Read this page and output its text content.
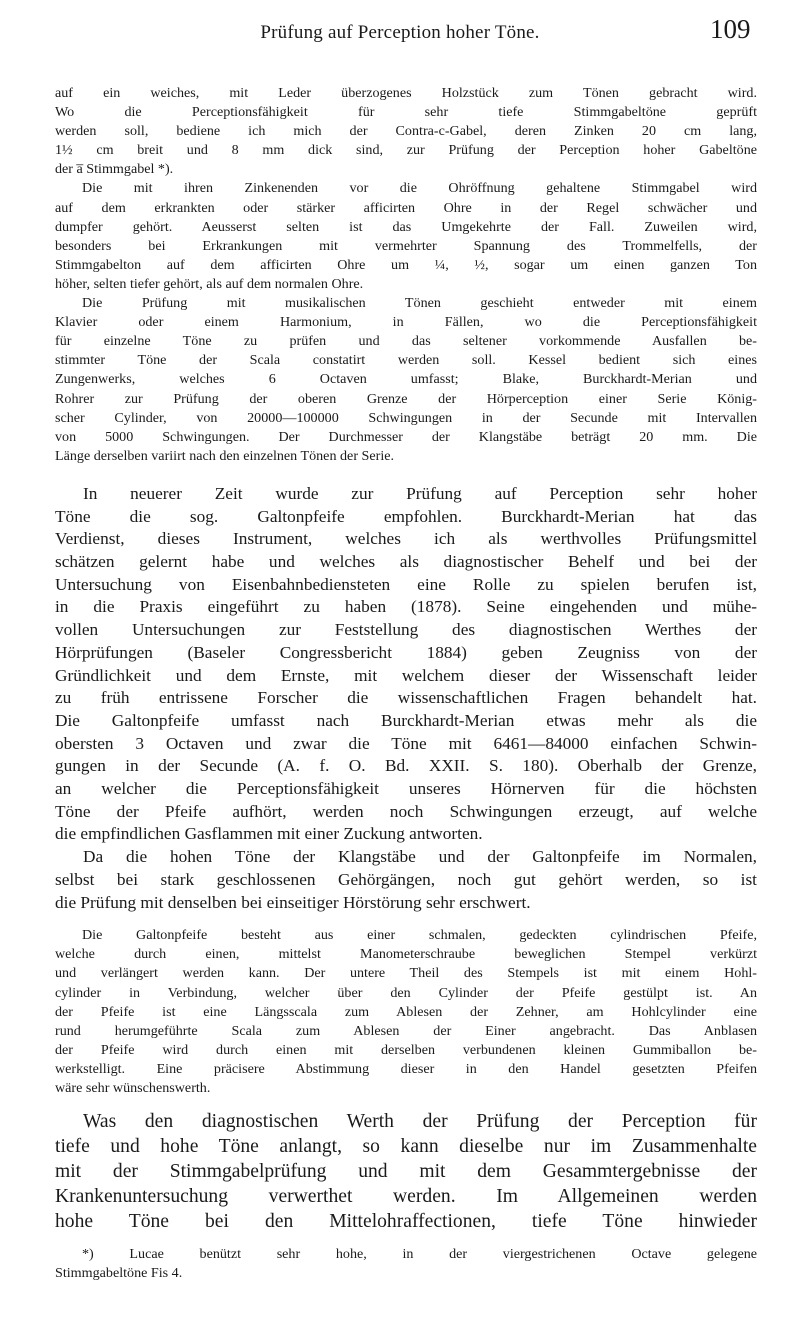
Prüfung auf Perception hoher Töne.	109
auf ein weiches, mit Leder überzogenes Holzstück zum Tönen gebracht wird.
Wo die Perceptionsfähigkeit für sehr tiefe Stimmgabeltöne geprüft
werden soll, bediene ich mich der Contra-c-Gabel, deren Zinken 20 cm lang,
1½ cm breit und 8 mm dick sind, zur Prüfung der Perception hoher Gabeltöne
der a̅ Stimmgabel *).
Die mit ihren Zinkenenden vor die Ohröffnung gehaltene Stimmgabel wird
auf dem erkrankten oder stärker afficirten Ohre in der Regel schwächer und
dumpfer gehört. Aeusserst selten ist das Umgekehrte der Fall. Zuweilen wird,
besonders bei Erkrankungen mit vermehrter Spannung des Trommelfells, der
Stimmgabelton auf dem afficirten Ohre um ¼, ½, sogar um einen ganzen Ton
höher, selten tiefer gehört, als auf dem normalen Ohre.
Die Prüfung mit musikalischen Tönen geschieht entweder mit einem
Klavier oder einem Harmonium, in Fällen, wo die Perceptionsfähigkeit
für einzelne Töne zu prüfen und das seltener vorkommende Ausfallen be-
stimmter Töne der Scala constatirt werden soll. Kessel bedient sich eines
Zungenwerks, welches 6 Octaven umfasst; Blake, Burckhardt-Merian und
Rohrer zur Prüfung der oberen Grenze der Hörperception einer Serie König-
scher Cylinder, von 20000—100000 Schwingungen in der Secunde mit Intervallen
von 5000 Schwingungen. Der Durchmesser der Klangstäbe beträgt 20 mm. Die
Länge derselben variirt nach den einzelnen Tönen der Serie.
In neuerer Zeit wurde zur Prüfung auf Perception sehr hoher
Töne die sog. Galtonpfeife empfohlen. Burckhardt-Merian hat das
Verdienst, dieses Instrument, welches ich als werthvolles Prüfungsmittel
schätzen gelernt habe und welches als diagnostischer Behelf und bei der
Untersuchung von Eisenbahnbediensteten eine Rolle zu spielen berufen ist,
in die Praxis eingeführt zu haben (1878). Seine eingehenden und mühe-
vollen Untersuchungen zur Feststellung des diagnostischen Werthes der
Hörprüfungen (Baseler Congressbericht 1884) geben Zeugniss von der
Gründlichkeit und dem Ernste, mit welchem dieser der Wissenschaft leider
zu früh entrissene Forscher die wissenschaftlichen Fragen behandelt hat.
Die Galtonpfeife umfasst nach Burckhardt-Merian etwas mehr als die
obersten 3 Octaven und zwar die Töne mit 6461—84000 einfachen Schwin-
gungen in der Secunde (A. f. O. Bd. XXII. S. 180). Oberhalb der Grenze,
an welcher die Perceptionsfähigkeit unseres Hörnerven für die höchsten
Töne der Pfeife aufhört, werden noch Schwingungen erzeugt, auf welche
die empfindlichen Gasflammen mit einer Zuckung antworten.
Da die hohen Töne der Klangstäbe und der Galtonpfeife im Normalen,
selbst bei stark geschlossenen Gehörgängen, noch gut gehört werden, so ist
die Prüfung mit denselben bei einseitiger Hörstörung sehr erschwert.
Die Galtonpfeife besteht aus einer schmalen, gedeckten cylindrischen Pfeife,
welche durch einen, mittelst Manometerschraube beweglichen Stempel verkürzt
und verlängert werden kann. Der untere Theil des Stempels ist mit einem Hohl-
cylinder in Verbindung, welcher über den Cylinder der Pfeife gestülpt ist. An
der Pfeife ist eine Längsscala zum Ablesen der Zehner, am Hohlcylinder eine
rund herumgeführte Scala zum Ablesen der Einer angebracht. Das Anblasen
der Pfeife wird durch einen mit derselben verbundenen kleinen Gummiballon be-
werkstelligt. Eine präcisere Abstimmung dieser in den Handel gesetzten Pfeifen
wäre sehr wünschenswerth.
Was den diagnostischen Werth der Prüfung der Perception für
tiefe und hohe Töne anlangt, so kann dieselbe nur im Zusammenhalte
mit der Stimmgabelprüfung und mit dem Gesammtergebnisse der
Krankenuntersuchung verwerthet werden. Im Allgemeinen werden
hohe Töne bei den Mittelohraffectionen, tiefe Töne hinwieder
*) Lucae benützt sehr hohe, in der viergestrichenen Octave gelegene
Stimmgabeltöne Fis 4.
